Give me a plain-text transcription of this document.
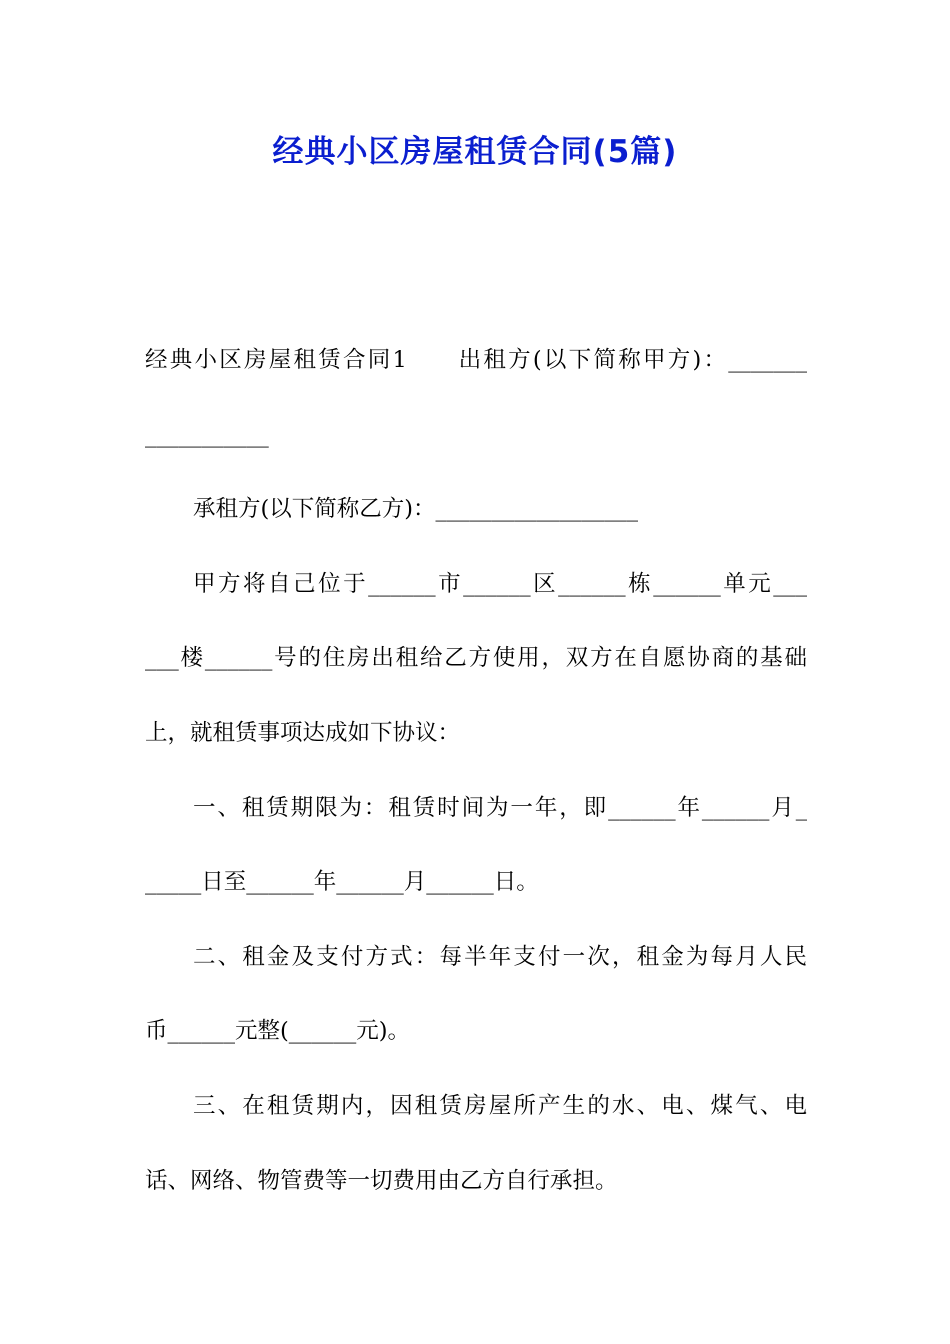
经典小区房屋租赁合同(5篇)
经典小区房屋租赁合同1　　出租方(以下简称甲方)：_______
___________
承租方(以下简称乙方)：__________________
甲方将自己位于______市______区______栋______单元___
___楼______号的住房出租给乙方使用，双方在自愿协商的基础
上，就租赁事项达成如下协议：
一、租赁期限为：租赁时间为一年，即______年______月_
_____日至______年______月______日。
二、租金及支付方式：每半年支付一次，租金为每月人民
币______元整(______元)。
三、在租赁期内，因租赁房屋所产生的水、电、煤气、电
话、网络、物管费等一切费用由乙方自行承担。
